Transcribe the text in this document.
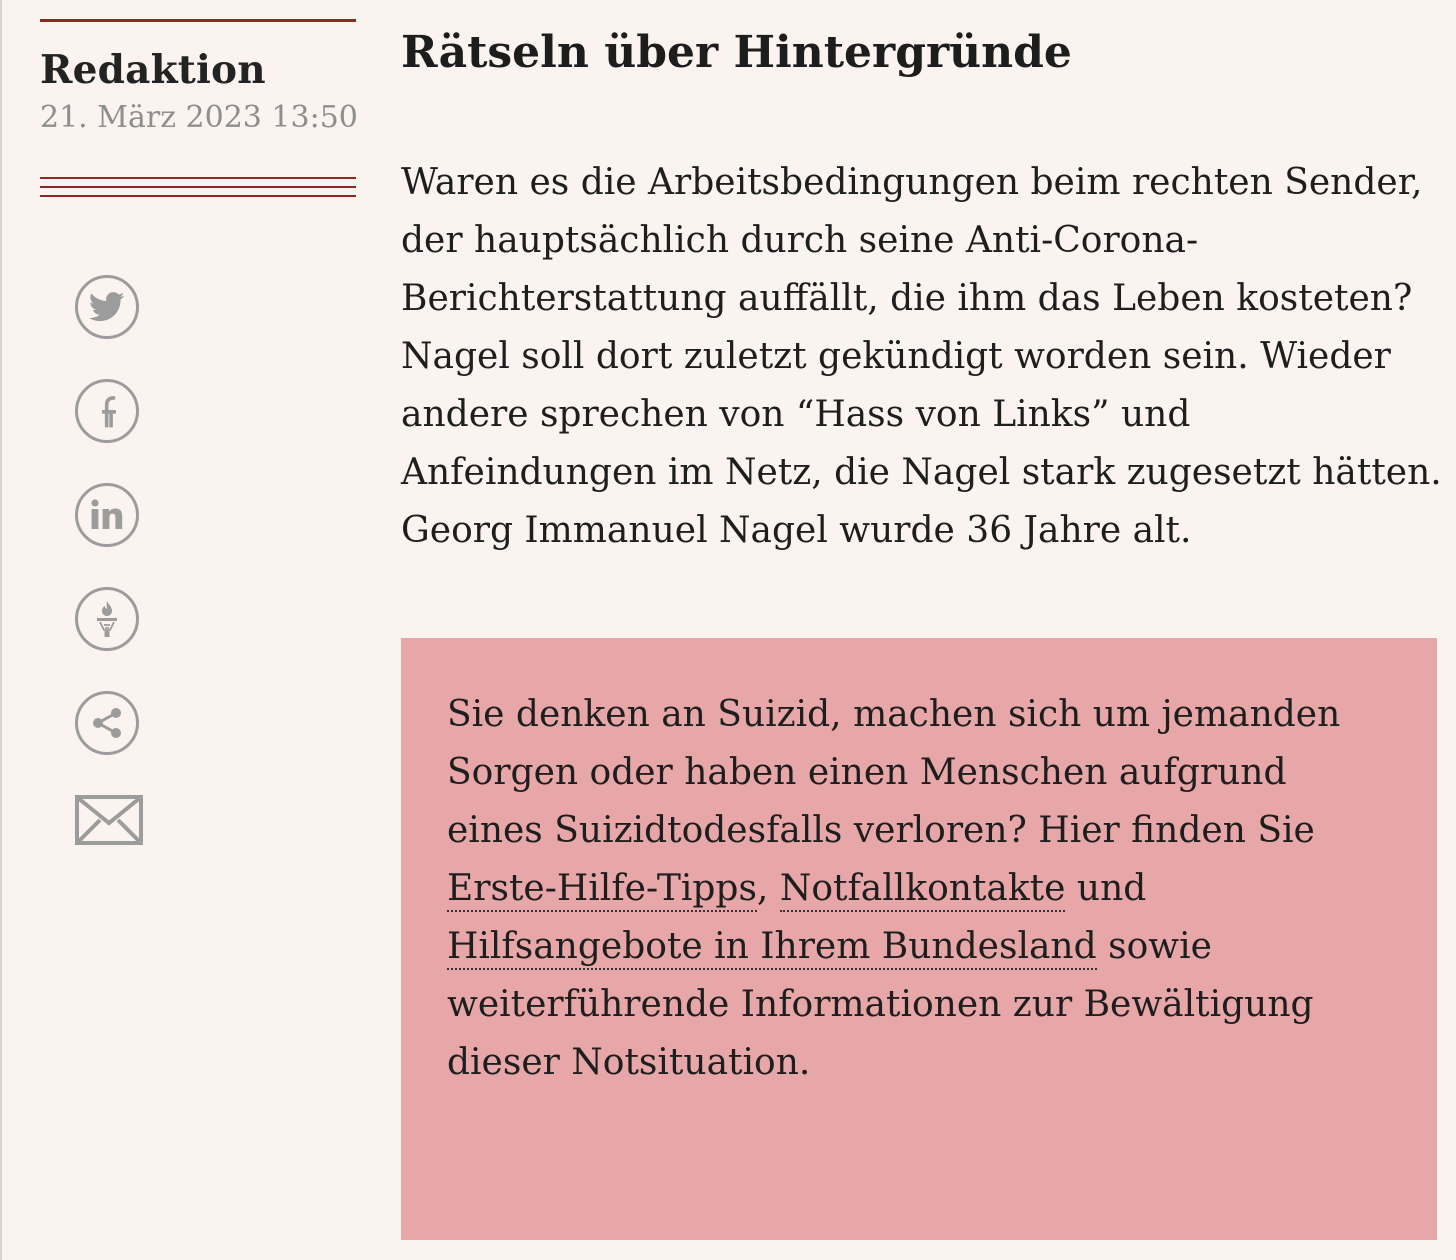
Redaktion
21. März 2023 13:50
Rätseln über Hintergründe

Waren es die Arbeitsbedingungen beim rechten Sender, der hauptsächlich durch seine Anti-Corona-Berichterstattung auffällt, die ihm das Leben kosteten? Nagel soll dort zuletzt gekündigt worden sein. Wieder andere sprechen von “Hass von Links” und Anfeindungen im Netz, die Nagel stark zugesetzt hätten. Georg Immanuel Nagel wurde 36 Jahre alt.

Sie denken an Suizid, machen sich um jemanden Sorgen oder haben einen Menschen aufgrund eines Suizidtodesfalls verloren? Hier finden Sie Erste-Hilfe-Tipps, Notfallkontakte und Hilfsangebote in Ihrem Bundesland sowie weiterführende Informationen zur Bewältigung dieser Notsituation.
